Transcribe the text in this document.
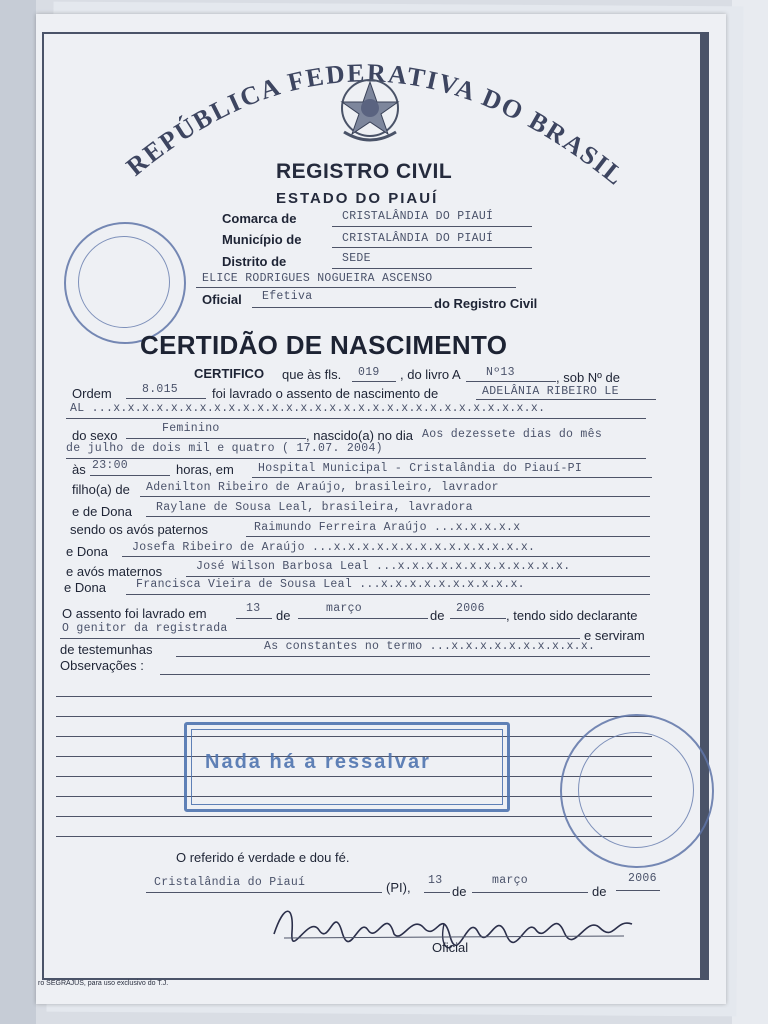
REPÚBLICA FEDERATIVA DO BRASIL
REGISTRO CIVIL
ESTADO DO PIAUÍ
Comarca de	CRISTALÂNDIA DO PIAUÍ
Município de	CRISTALÂNDIA DO PIAUÍ
Distrito de	SEDE
ELICE RODRIGUES NOGUEIRA ASCENSO
Oficial Efetiva	do Registro Civil
CERTIDÃO DE NASCIMENTO
CERTIFICO que às fls. 019 , do livro A Nº13	, sob Nº de
Ordem	8.015	foi lavrado o assento de nascimento de	ADELÂNIA RIBEIRO LE
AL ...x.x.x.x.x.x.x.x.x.x.x.x.x.x.x.x.x.x.x.x.x.x.x.x.x.x.x.x.x.x.
do sexo	Feminino	, nascido(a) no dia Aos dezessete dias do mês
de julho de dois mil e quatro ( 17.07. 2004)
às 23:00	horas, em Hospital Municipal - Cristalândia do Piauí-PI
filho(a) de Adenilton Ribeiro de Araújo, brasileiro, lavrador
e de Dona Raylane de Sousa Leal, brasileira, lavradora
sendo os avós paternos	Raimundo Ferreira Araújo ...x.x.x.x.x
e Dona Josefa Ribeiro de Araújo ...x.x.x.x.x.x.x.x.x.x.x.x.x.x.
e avós maternos	José Wilson Barbosa Leal ...x.x.x.x.x.x.x.x.x.x.x.x.
e Dona	Francisca Vieira de Sousa Leal ...x.x.x.x.x.x.x.x.x.x.
O assento foi lavrado em	13 de	março	de 2006 , tendo sido declarante
O genitor da registrada	e serviram
de testemunhas	As constantes no termo ...x.x.x.x.x.x.x.x.x.x.
Observações :
Nada há a ressalvar
O referido é verdade e dou fé.
Cristalândia do Piauí	(PI), 13
de
março
de
2006
Oficial
ro SEGRAJUS, para uso exclusivo do T.J.
